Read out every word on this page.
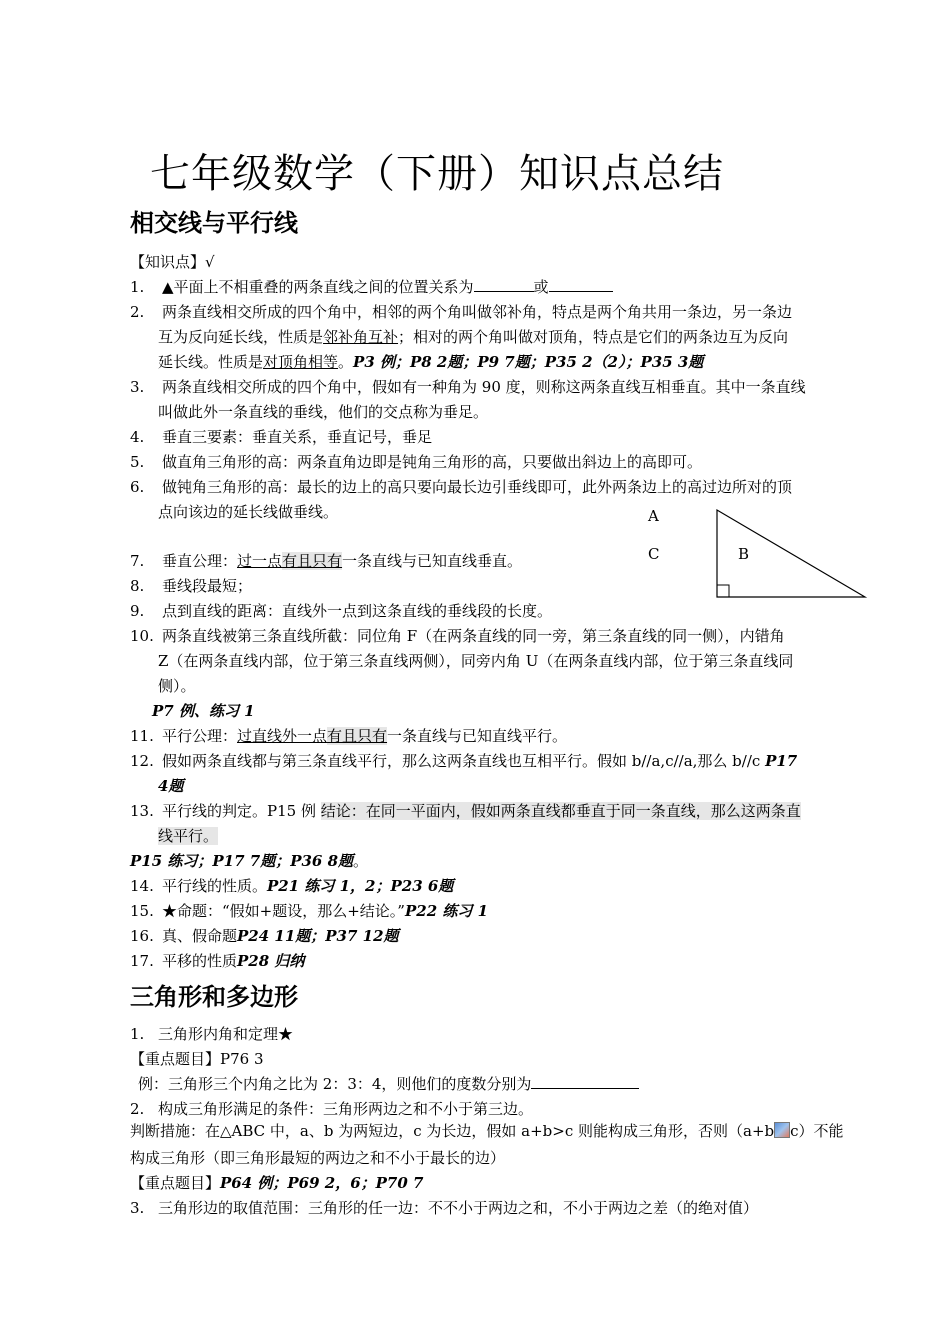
七年级数学（下册）知识点总结
相交线与平行线
【知识点】√
1. ▲平面上不相重叠的两条直线之间的位置关系为	或
2. 两条直线相交所成的四个角中，相邻的两个角叫做邻补角，特点是两个角共用一条边，另一条边
互为反向延长线，性质是邻补角互补；相对的两个角叫做对顶角，特点是它们的两条边互为反向
延长线。性质是对顶角相等。P3 例；P8 2题；P9 7题；P35 2（2）；P35 3题
3. 两条直线相交所成的四个角中，假如有一种角为 90 度，则称这两条直线互相垂直。其中一条直线
叫做此外一条直线的垂线，他们的交点称为垂足。
4. 垂直三要素：垂直关系，垂直记号，垂足
5. 做直角三角形的高：两条直角边即是钝角三角形的高，只要做出斜边上的高即可。
6. 做钝角三角形的高：最长的边上的高只要向最长边引垂线即可，此外两条边上的高过边所对的顶
点向该边的延长线做垂线。	A
C	B
7. 垂直公理：过一点有且只有一条直线与已知直线垂直。
8. 垂线段最短；
9. 点到直线的距离：直线外一点到这条直线的垂线段的长度。
10. 两条直线被第三条直线所截：同位角 F（在两条直线的同一旁，第三条直线的同一侧），内错角
Z（在两条直线内部，位于第三条直线两侧），同旁内角 U（在两条直线内部，位于第三条直线同
侧）。
P7 例、练习 1
11. 平行公理：过直线外一点有且只有一条直线与已知直线平行。
12. 假如两条直线都与第三条直线平行，那么这两条直线也互相平行。假如 b//a,c//a,那么 b//c P17
4题
13. 平行线的判定。P15 例 结论：在同一平面内，假如两条直线都垂直于同一条直线，那么这两条直
线平行。
P15 练习；P17 7题；P36 8题。
14. 平行线的性质。P21 练习 1，2；P23 6题
15. ★命题：“假如+题设，那么+结论。”P22 练习 1
16. 真、假命题P24 11题；P37 12题
17. 平移的性质P28 归纳
三角形和多边形
1. 三角形内角和定理★
【重点题目】P76 3
例：三角形三个内角之比为 2：3：4，则他们的度数分别为
2. 构成三角形满足的条件：三角形两边之和不小于第三边。
判断措施：在△ABC 中，a、b 为两短边，c 为长边，假如 a+b>c 则能构成三角形，否则（a+b c）不能
构成三角形（即三角形最短的两边之和不小于最长的边）
【重点题目】P64 例；P69 2，6；P70 7
3. 三角形边的取值范围：三角形的任一边：不不小于两边之和，不小于两边之差（的绝对值）
